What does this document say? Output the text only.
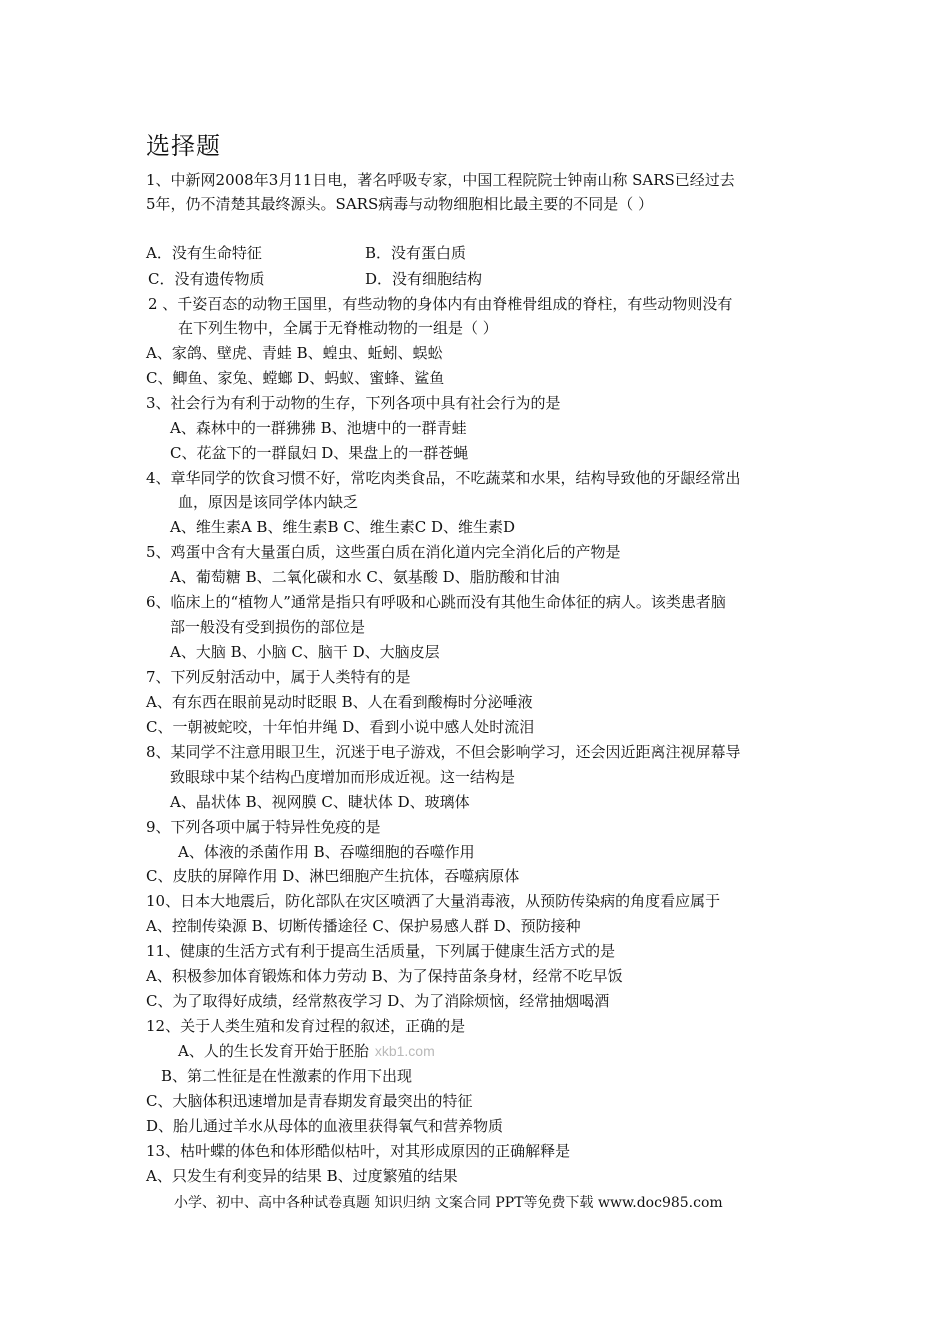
选择题
1、中新网2008年3月11日电，著名呼吸专家，中国工程院院士钟南山称 SARS已经过去
5年，仍不清楚其最终源头。SARS病毒与动物细胞相比最主要的不同是（ ）
A．没有生命特征	B．没有蛋白质
C．没有遗传物质	D．没有细胞结构
2 、千姿百态的动物王国里，有些动物的身体内有由脊椎骨组成的脊柱，有些动物则没有
在下列生物中，全属于无脊椎动物的一组是（ ）
A、家鸽、壁虎、青蛙 B、蝗虫、蚯蚓、蜈蚣
C、鲫鱼、家兔、螳螂 D、蚂蚁、蜜蜂、鲨鱼
3、社会行为有利于动物的生存，下列各项中具有社会行为的是
A、森林中的一群狒狒 B、池塘中的一群青蛙
C、花盆下的一群鼠妇 D、果盘上的一群苍蝇
4、章华同学的饮食习惯不好，常吃肉类食品，不吃蔬菜和水果，结构导致他的牙龈经常出
血，原因是该同学体内缺乏
A、维生素A B、维生素B C、维生素C D、维生素D
5、鸡蛋中含有大量蛋白质，这些蛋白质在消化道内完全消化后的产物是
A、葡萄糖 B、二氧化碳和水 C、氨基酸 D、脂肪酸和甘油
6、临床上的“植物人”通常是指只有呼吸和心跳而没有其他生命体征的病人。该类患者脑
部一般没有受到损伤的部位是
A、大脑 B、小脑 C、脑干 D、大脑皮层
7、下列反射活动中，属于人类特有的是
A、有东西在眼前晃动时眨眼 B、人在看到酸梅时分泌唾液
C、一朝被蛇咬，十年怕井绳 D、看到小说中感人处时流泪
8、某同学不注意用眼卫生，沉迷于电子游戏，不但会影响学习，还会因近距离注视屏幕导
致眼球中某个结构凸度增加而形成近视。这一结构是
A、晶状体 B、视网膜 C、睫状体 D、玻璃体
9、下列各项中属于特异性免疫的是
A、体液的杀菌作用 B、吞噬细胞的吞噬作用
C、皮肤的屏障作用 D、淋巴细胞产生抗体，吞噬病原体
10、日本大地震后，防化部队在灾区喷洒了大量消毒液，从预防传染病的角度看应属于
A、控制传染源 B、切断传播途径 C、保护易感人群 D、预防接种
11、健康的生活方式有利于提高生活质量，下列属于健康生活方式的是
A、积极参加体育锻炼和体力劳动 B、为了保持苗条身材，经常不吃早饭
C、为了取得好成绩，经常熬夜学习 D、为了消除烦恼，经常抽烟喝酒
12、关于人类生殖和发育过程的叙述，正确的是
A、人的生长发育开始于胚胎 xkb1.com
B、第二性征是在性激素的作用下出现
C、大脑体积迅速增加是青春期发育最突出的特征
D、胎儿通过羊水从母体的血液里获得氧气和营养物质
13、枯叶蝶的体色和体形酷似枯叶，对其形成原因的正确解释是
A、只发生有利变异的结果 B、过度繁殖的结果
小学、初中、高中各种试卷真题 知识归纳 文案合同 PPT等免费下载 www.doc985.com
